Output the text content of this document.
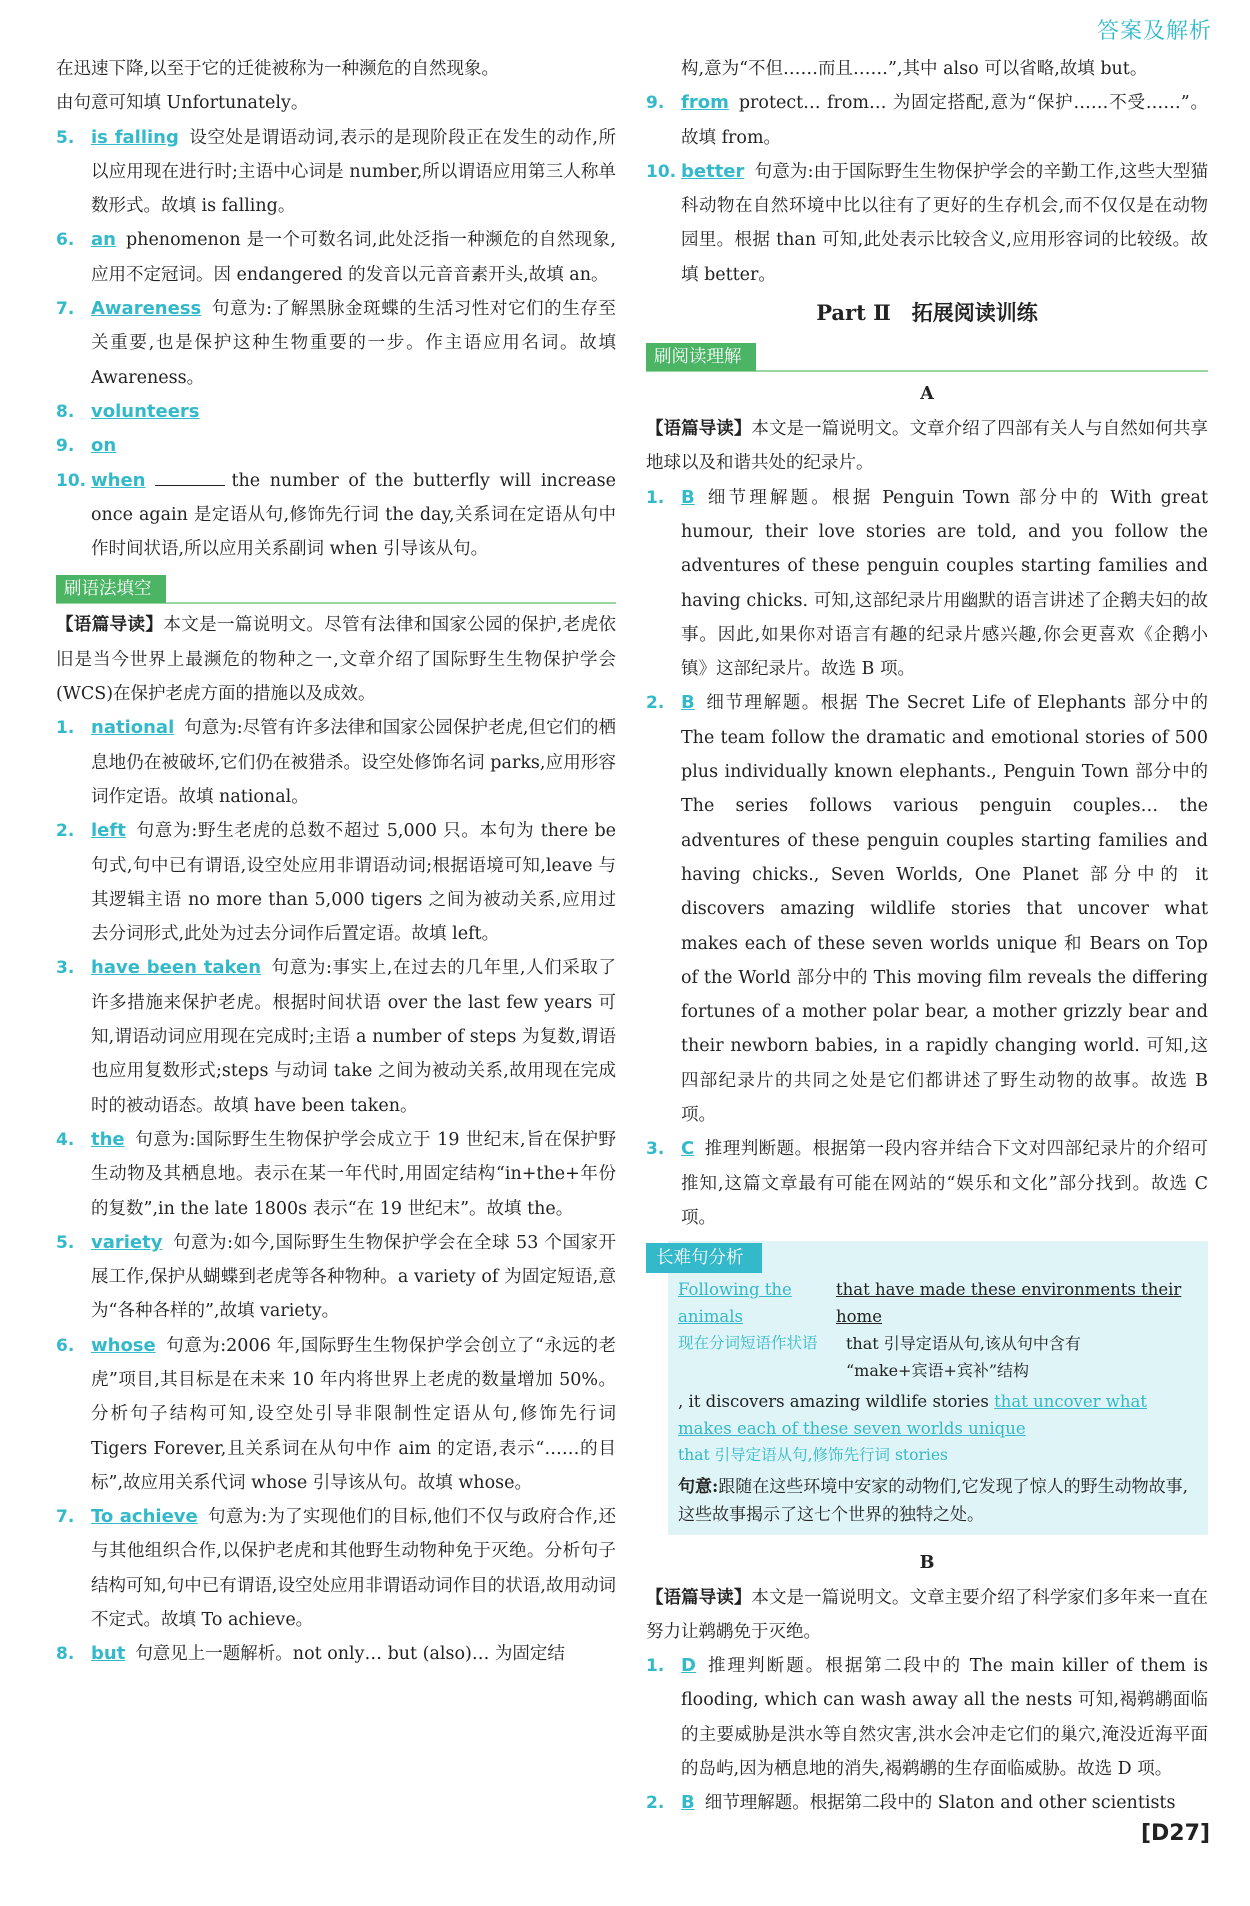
答案及解析
在迅速下降,以至于它的迁徙被称为一种濒危的自然现象。
由句意可知填 Unfortunately。
5. is falling 设空处是谓语动词,表示的是现阶段正在发生的动作,所以应用现在进行时;主语中心词是 number,所以谓语应用第三人称单数形式。故填 is falling。
6. an phenomenon 是一个可数名词,此处泛指一种濒危的自然现象,应用不定冠词。因 endangered 的发音以元音音素开头,故填 an。
7. Awareness 句意为:了解黑脉金斑蝶的生活习性对它们的生存至关重要,也是保护这种生物重要的一步。作主语应用名词。故填 Awareness。
8. volunteers
9. on
10. when	the number of the butterfly will increase once again 是定语从句,修饰先行词 the day,关系词在定语从句中作时间状语,所以应用关系副词 when 引导该从句。
刷语法填空
【语篇导读】本文是一篇说明文。尽管有法律和国家公园的保护,老虎依旧是当今世界上最濒危的物种之一,文章介绍了国际野生生物保护学会(WCS)在保护老虎方面的措施以及成效。
1. national 句意为:尽管有许多法律和国家公园保护老虎,但它们的栖息地仍在被破坏,它们仍在被猎杀。设空处修饰名词 parks,应用形容词作定语。故填 national。
2. left 句意为:野生老虎的总数不超过 5,000 只。本句为 there be 句式,句中已有谓语,设空处应用非谓语动词;根据语境可知,leave 与其逻辑主语 no more than 5,000 tigers 之间为被动关系,应用过去分词形式,此处为过去分词作后置定语。故填 left。
3. have been taken 句意为:事实上,在过去的几年里,人们采取了许多措施来保护老虎。根据时间状语 over the last few years 可知,谓语动词应用现在完成时;主语 a number of steps 为复数,谓语也应用复数形式;steps 与动词 take 之间为被动关系,故用现在完成时的被动语态。故填 have been taken。
4. the 句意为:国际野生生物保护学会成立于 19 世纪末,旨在保护野生动物及其栖息地。表示在某一年代时,用固定结构“in+the+年份的复数”,in the late 1800s 表示“在 19 世纪末”。故填 the。
5. variety 句意为:如今,国际野生生物保护学会在全球 53 个国家开展工作,保护从蝴蝶到老虎等各种物种。a variety of 为固定短语,意为“各种各样的”,故填 variety。
6. whose 句意为:2006 年,国际野生生物保护学会创立了“永远的老虎”项目,其目标是在未来 10 年内将世界上老虎的数量增加 50%。分析句子结构可知,设空处引导非限制性定语从句,修饰先行词 Tigers Forever,且关系词在从句中作 aim 的定语,表示“……的目标”,故应用关系代词 whose 引导该从句。故填 whose。
7. To achieve 句意为:为了实现他们的目标,他们不仅与政府合作,还与其他组织合作,以保护老虎和其他野生动物种免于灭绝。分析句子结构可知,句中已有谓语,设空处应用非谓语动词作目的状语,故用动词不定式。故填 To achieve。
8. but 句意见上一题解析。not only… but (also)… 为固定结
构,意为“不但……而且……”,其中 also 可以省略,故填 but。
9. from protect… from… 为固定搭配,意为“保护……不受……”。故填 from。
10. better 句意为:由于国际野生生物保护学会的辛勤工作,这些大型猫科动物在自然环境中比以往有了更好的生存机会,而不仅仅是在动物园里。根据 than 可知,此处表示比较含义,应用形容词的比较级。故填 better。
Part Ⅱ　拓展阅读训练
刷阅读理解
A
【语篇导读】本文是一篇说明文。文章介绍了四部有关人与自然如何共享地球以及和谐共处的纪录片。
1. B 细节理解题。根据 Penguin Town 部分中的 With great humour, their love stories are told, and you follow the adventures of these penguin couples starting families and having chicks. 可知,这部纪录片用幽默的语言讲述了企鹅夫妇的故事。因此,如果你对语言有趣的纪录片感兴趣,你会更喜欢《企鹅小镇》这部纪录片。故选 B 项。
2. B 细节理解题。根据 The Secret Life of Elephants 部分中的 The team follow the dramatic and emotional stories of 500 plus individually known elephants., Penguin Town 部分中的 The series follows various penguin couples… the adventures of these penguin couples starting families and having chicks., Seven Worlds, One Planet 部分中的 it discovers amazing wildlife stories that uncover what makes each of these seven worlds unique 和 Bears on Top of the World 部分中的 This moving film reveals the differing fortunes of a mother polar bear, a mother grizzly bear and their newborn babies, in a rapidly changing world. 可知,这四部纪录片的共同之处是它们都讲述了野生动物的故事。故选 B 项。
3. C 推理判断题。根据第一段内容并结合下文对四部纪录片的介绍可推知,这篇文章最有可能在网站的“娱乐和文化”部分找到。故选 C 项。
长难句分析
Following the animals
现在分词短语作状语
that have made these environments their home
that 引导定语从句,该从句中含有
“make+宾语+宾补”结构
, it discovers amazing wildlife stories that uncover what makes each of these seven worlds unique
that 引导定语从句,修饰先行词 stories
句意:跟随在这些环境中安家的动物们,它发现了惊人的野生动物故事,这些故事揭示了这七个世界的独特之处。
B
【语篇导读】本文是一篇说明文。文章主要介绍了科学家们多年来一直在努力让鹈鹕免于灭绝。
1. D 推理判断题。根据第二段中的 The main killer of them is flooding, which can wash away all the nests 可知,褐鹈鹕面临的主要威胁是洪水等自然灾害,洪水会冲走它们的巢穴,淹没近海平面的岛屿,因为栖息地的消失,褐鹈鹕的生存面临威胁。故选 D 项。
2. B 细节理解题。根据第二段中的 Slaton and other scientists
[D27]
